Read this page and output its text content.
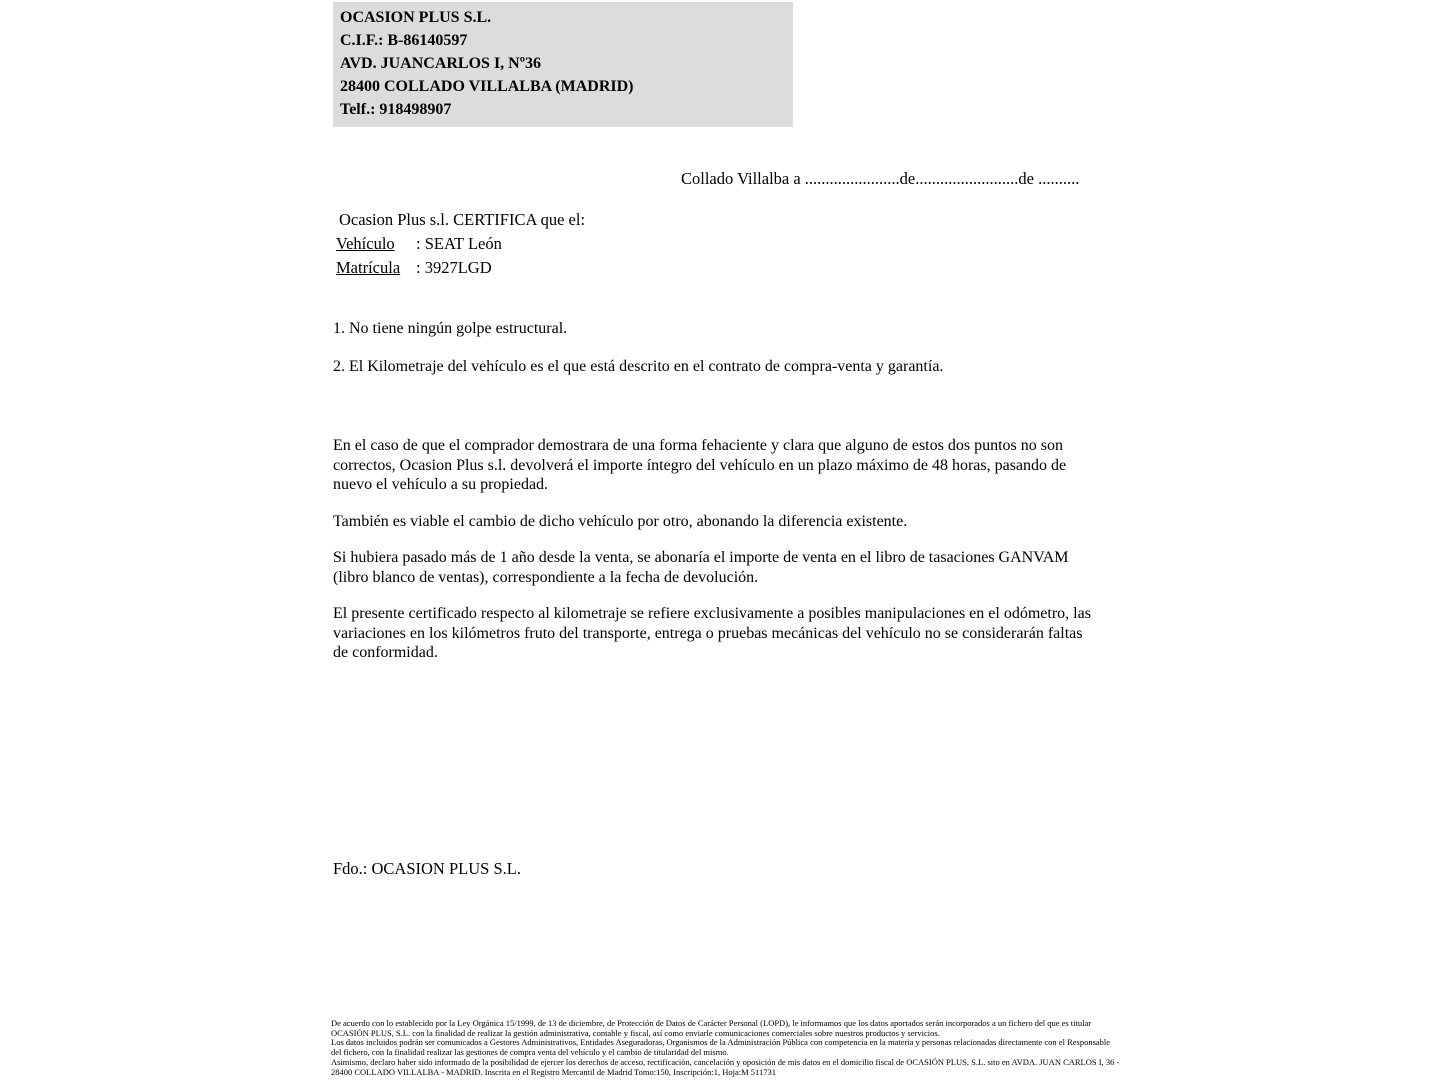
OCASION PLUS S.L.
C.I.F.: B-86140597
AVD. JUANCARLOS I, Nº36
28400 COLLADO VILLALBA (MADRID)
Telf.: 918498907
Collado Villalba a .......................de.........................de ..........
Ocasion Plus s.l. CERTIFICA que el:
Vehículo : SEAT León
Matrícula : 3927LGD
1. No tiene ningún golpe estructural.
2. El Kilometraje del vehículo es el que está descrito en el contrato de compra-venta y garantía.

En el caso de que el comprador demostrara de una forma fehaciente y clara que alguno de estos dos puntos no son correctos, Ocasion Plus s.l. devolverá el importe íntegro del vehículo en un plazo máximo de 48 horas, pasando de nuevo el vehículo a su propiedad.

También es viable el cambio de dicho vehículo por otro, abonando la diferencia existente.

Si hubiera pasado más de 1 año desde la venta, se abonaría el importe de venta en el libro de tasaciones GANVAM (libro blanco de ventas), correspondiente a la fecha de devolución.

El presente certificado respecto al kilometraje se refiere exclusivamente a posibles manipulaciones en el odómetro, las variaciones en los kilómetros fruto del transporte, entrega o pruebas mecánicas del vehículo no se considerarán faltas de conformidad.

Fdo.: OCASION PLUS S.L.
De acuerdo con lo establecido por la Ley Orgánica 15/1999, de 13 de diciembre, de Protección de Datos de Carácter Personal (LOPD), le informamos que los datos aportados serán incorporados a un fichero del que es titular OCASIÓN PLUS, S.L. con la finalidad de realizar la gestión administrativa, contable y fiscal, así como enviarle comunicaciones comerciales sobre nuestros productos y servicios.
Los datos incluidos podrán ser comunicados a Gestores Administrativos, Entidades Aseguradoras, Organismos de la Administración Pública con competencia en la materia y personas relacionadas directamente con el Responsable del fichero, con la finalidad realizar las gestiones de compra venta del vehículo y el cambio de titularidad del mismo.
Asimismo, declaro haber sido informado de la posibilidad de ejercer los derechos de acceso, rectificación, cancelación y oposición de mis datos en el domicilio fiscal de OCASIÓN PLUS, S.L. sito en AVDA. JUAN CARLOS I, 36 - 28400 COLLADO VILLALBA - MADRID. Inscrita en el Registro Mercantil de Madrid Tomo:150, Inscripción:1, Hoja:M 511731
